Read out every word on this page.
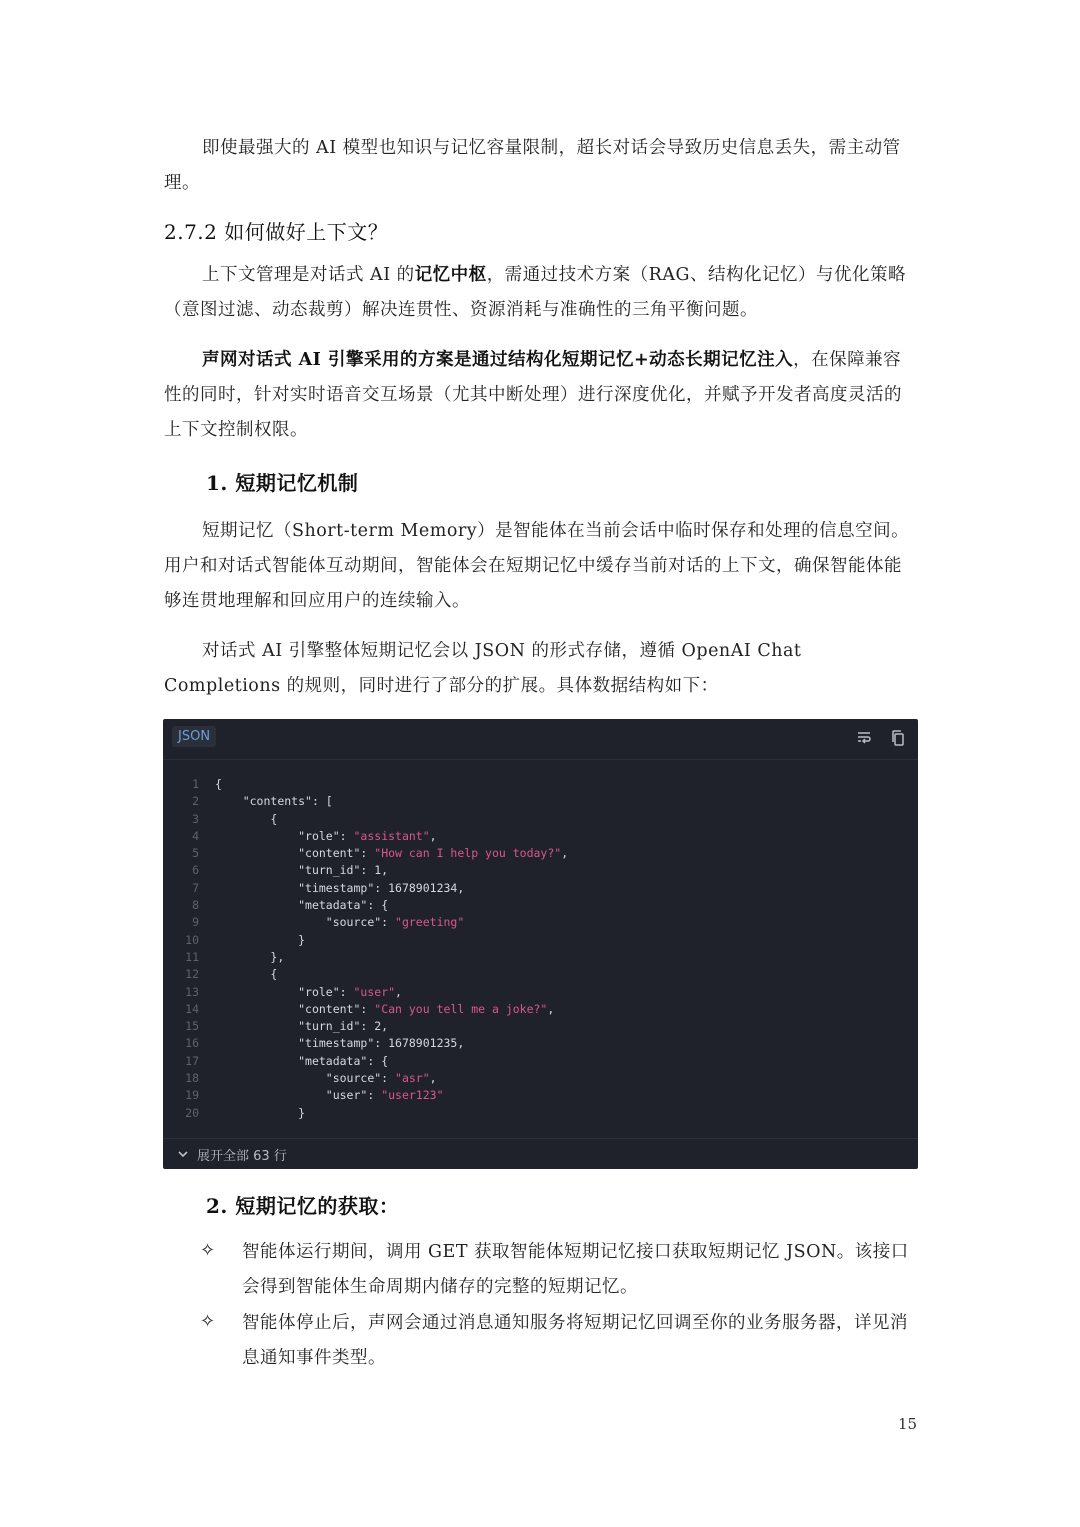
即使最强大的 AI 模型也知识与记忆容量限制，超长对话会导致历史信息丢失，需主动管理。

2.7.2 如何做好上下文？

上下文管理是对话式 AI 的记忆中枢，需通过技术方案（RAG、结构化记忆）与优化策略（意图过滤、动态裁剪）解决连贯性、资源消耗与准确性的三角平衡问题。

声网对话式 AI 引擎采用的方案是通过结构化短期记忆+动态长期记忆注入，在保障兼容性的同时，针对实时语音交互场景（尤其中断处理）进行深度优化，并赋予开发者高度灵活的上下文控制权限。

1. 短期记忆机制

短期记忆（Short-term Memory）是智能体在当前会话中临时保存和处理的信息空间。用户和对话式智能体互动期间，智能体会在短期记忆中缓存当前对话的上下文，确保智能体能够连贯地理解和回应用户的连续输入。

对话式 AI 引擎整体短期记忆会以 JSON 的形式存储，遵循 OpenAI Chat Completions 的规则，同时进行了部分的扩展。具体数据结构如下：

JSON
1 {
2	"contents": [
3	{
4	"role": "assistant",
5	"content": "How can I help you today?",
6	"turn_id": 1,
7	"timestamp": 1678901234,
8	"metadata": {
9	"source": "greeting"
10	}
11	},
12	{
13	"role": "user",
14	"content": "Can you tell me a joke?",
15	"turn_id": 2,
16	"timestamp": 1678901235,
17	"metadata": {
18	"source": "asr",
19	"user": "user123"
20	}
展开全部 63 行
2. 短期记忆的获取：
✧ 智能体运行期间，调用 GET 获取智能体短期记忆接口获取短期记忆 JSON。该接口会得到智能体生命周期内储存的完整的短期记忆。

✧ 智能体停止后，声网会通过消息通知服务将短期记忆回调至你的业务服务器，详见消息通知事件类型。

15
